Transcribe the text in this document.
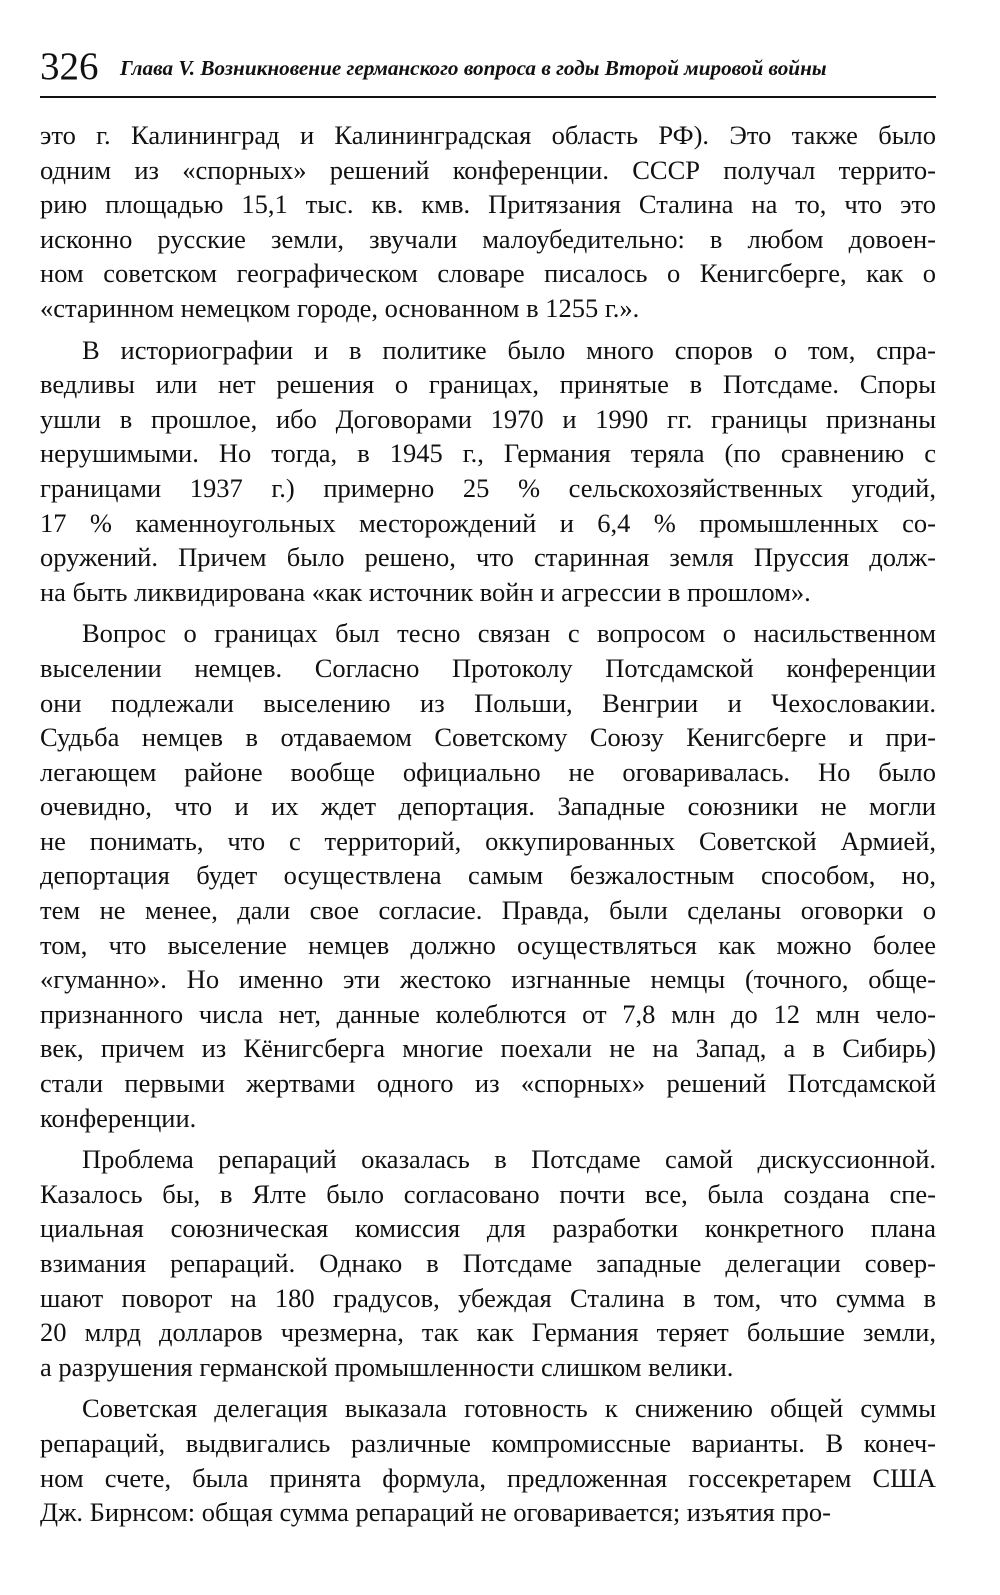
326 Глава V. Возникновение германского вопроса в годы Второй мировой войны
это г. Калининград и Калининградская область РФ). Это также было
одним из «спорных» решений конференции. СССР получал террито-
рию площадью 15,1 тыс. кв. кмв. Притязания Сталина на то, что это
исконно русские земли, звучали малоубедительно: в любом довоен-
ном советском географическом словаре писалось о Кенигсберге, как о
«старинном немецком городе, основанном в 1255 г.».
В историографии и в политике было много споров о том, спра-
ведливы или нет решения о границах, принятые в Потсдаме. Споры
ушли в прошлое, ибо Договорами 1970 и 1990 гг. границы признаны
нерушимыми. Но тогда, в 1945 г., Германия теряла (по сравнению с
границами 1937 г.) примерно 25 % сельскохозяйственных угодий,
17 % каменноугольных месторождений и 6,4 % промышленных со-
оружений. Причем было решено, что старинная земля Пруссия долж-
на быть ликвидирована «как источник войн и агрессии в прошлом».
Вопрос о границах был тесно связан с вопросом о насильственном
выселении немцев. Согласно Протоколу Потсдамской конференции
они подлежали выселению из Польши, Венгрии и Чехословакии.
Судьба немцев в отдаваемом Советскому Союзу Кенигсберге и при-
легающем районе вообще официально не оговаривалась. Но было
очевидно, что и их ждет депортация. Западные союзники не могли
не понимать, что с территорий, оккупированных Советской Армией,
депортация будет осуществлена самым безжалостным способом, но,
тем не менее, дали свое согласие. Правда, были сделаны оговорки о
том, что выселение немцев должно осуществляться как можно более
«гуманно». Но именно эти жестоко изгнанные немцы (точного, обще-
признанного числа нет, данные колеблются от 7,8 млн до 12 млн чело-
век, причем из Кёнигсберга многие поехали не на Запад, а в Сибирь)
стали первыми жертвами одного из «спорных» решений Потсдамской
конференции.
Проблема репараций оказалась в Потсдаме самой дискуссионной.
Казалось бы, в Ялте было согласовано почти все, была создана спе-
циальная союзническая комиссия для разработки конкретного плана
взимания репараций. Однако в Потсдаме западные делегации совер-
шают поворот на 180 градусов, убеждая Сталина в том, что сумма в
20 млрд долларов чрезмерна, так как Германия теряет большие земли,
а разрушения германской промышленности слишком велики.
Советская делегация выказала готовность к снижению общей суммы
репараций, выдвигались различные компромиссные варианты. В конеч-
ном счете, была принята формула, предложенная госсекретарем США
Дж. Бирнсом: общая сумма репараций не оговаривается; изъятия про-
